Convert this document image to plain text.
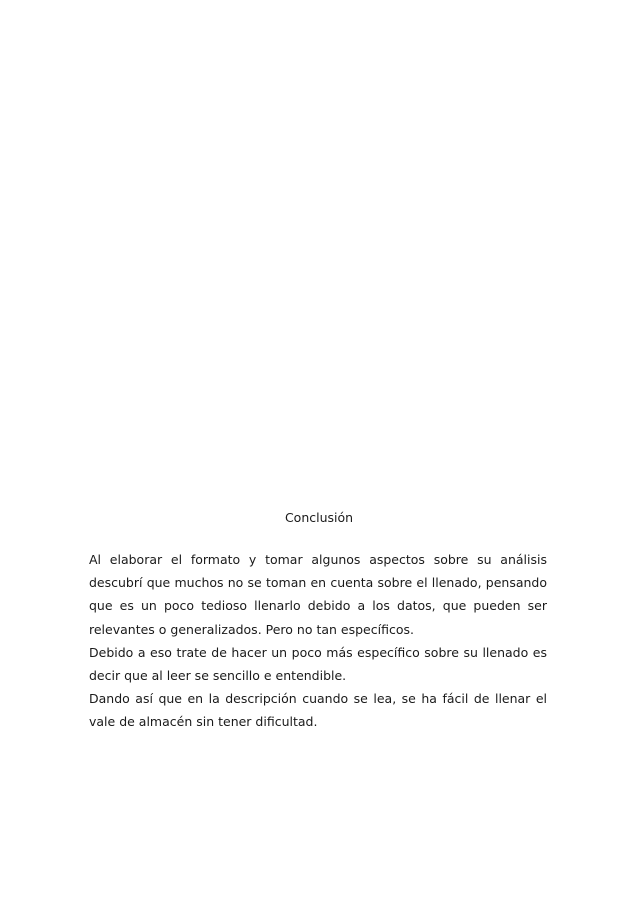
Conclusión

Al elaborar el formato y tomar algunos aspectos sobre su análisis descubrí que muchos no se toman en cuenta sobre el llenado, pensando que es un poco tedioso llenarlo debido a los datos, que pueden ser relevantes o generalizados. Pero no tan específicos.

Debido a eso trate de hacer un poco más específico sobre su llenado es decir que al leer se sencillo e entendible.

Dando así que en la descripción cuando se lea, se ha fácil de llenar el vale de almacén sin tener dificultad.
